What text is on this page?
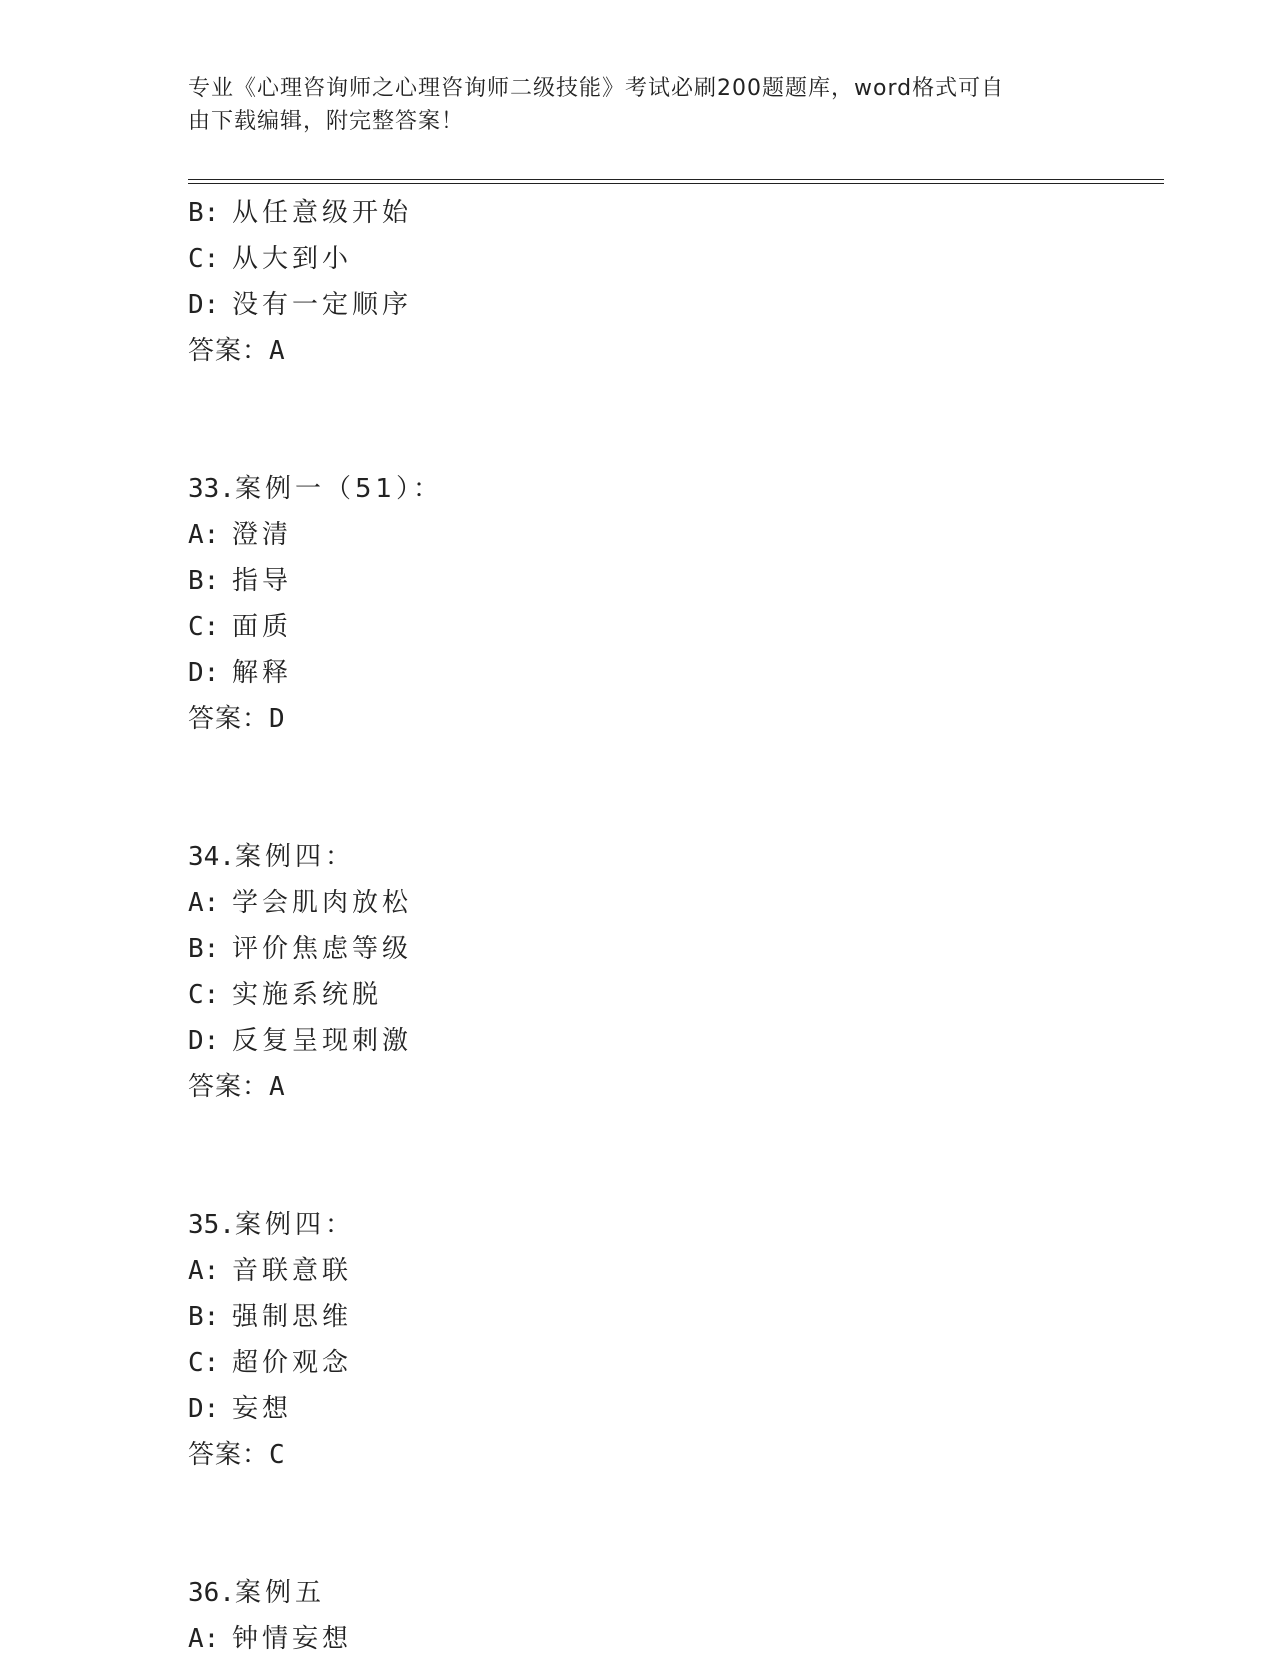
专业《心理咨询师之心理咨询师二级技能》考试必刷200题题库，word格式可自
由下载编辑，附完整答案！
B: 从任意级开始
C: 从大到小
D: 没有一定顺序
答案：A
33.案例一（51）：
A: 澄清
B: 指导
C: 面质
D: 解释
答案：D
34.案例四：
A: 学会肌肉放松
B: 评价焦虑等级
C: 实施系统脱
D: 反复呈现刺激
答案：A
35.案例四：
A: 音联意联
B: 强制思维
C: 超价观念
D: 妄想
答案：C
36.案例五
A: 钟情妄想
